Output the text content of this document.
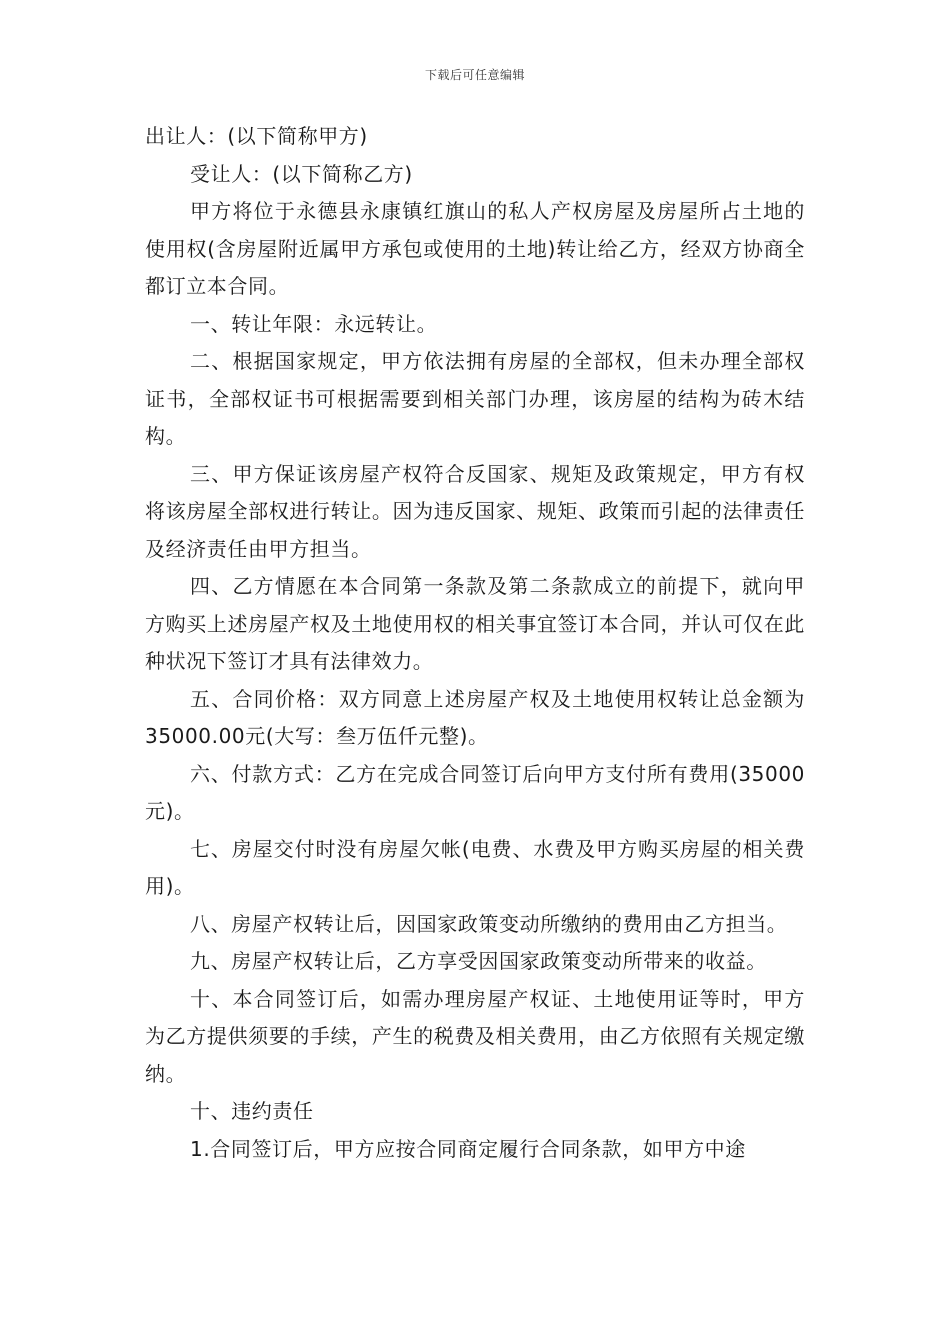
下载后可任意编辑

出让人：(以下简称甲方)

受让人：(以下简称乙方)

甲方将位于永德县永康镇红旗山的私人产权房屋及房屋所占土地的使用权(含房屋附近属甲方承包或使用的土地)转让给乙方，经双方协商全都订立本合同。

一、转让年限：永远转让。

二、根据国家规定，甲方依法拥有房屋的全部权，但未办理全部权证书，全部权证书可根据需要到相关部门办理，该房屋的结构为砖木结构。

三、甲方保证该房屋产权符合反国家、规矩及政策规定，甲方有权将该房屋全部权进行转让。因为违反国家、规矩、政策而引起的法律责任及经济责任由甲方担当。

四、乙方情愿在本合同第一条款及第二条款成立的前提下，就向甲方购买上述房屋产权及土地使用权的相关事宜签订本合同，并认可仅在此种状况下签订才具有法律效力。

五、合同价格：双方同意上述房屋产权及土地使用权转让总金额为35000.00元(大写：叁万伍仟元整)。

六、付款方式：乙方在完成合同签订后向甲方支付所有费用(35000元)。

七、房屋交付时没有房屋欠帐(电费、水费及甲方购买房屋的相关费用)。

八、房屋产权转让后，因国家政策变动所缴纳的费用由乙方担当。

九、房屋产权转让后，乙方享受因国家政策变动所带来的收益。

十、本合同签订后，如需办理房屋产权证、土地使用证等时，甲方为乙方提供须要的手续，产生的税费及相关费用，由乙方依照有关规定缴纳。

十、违约责任

1.合同签订后，甲方应按合同商定履行合同条款，如甲方中途
